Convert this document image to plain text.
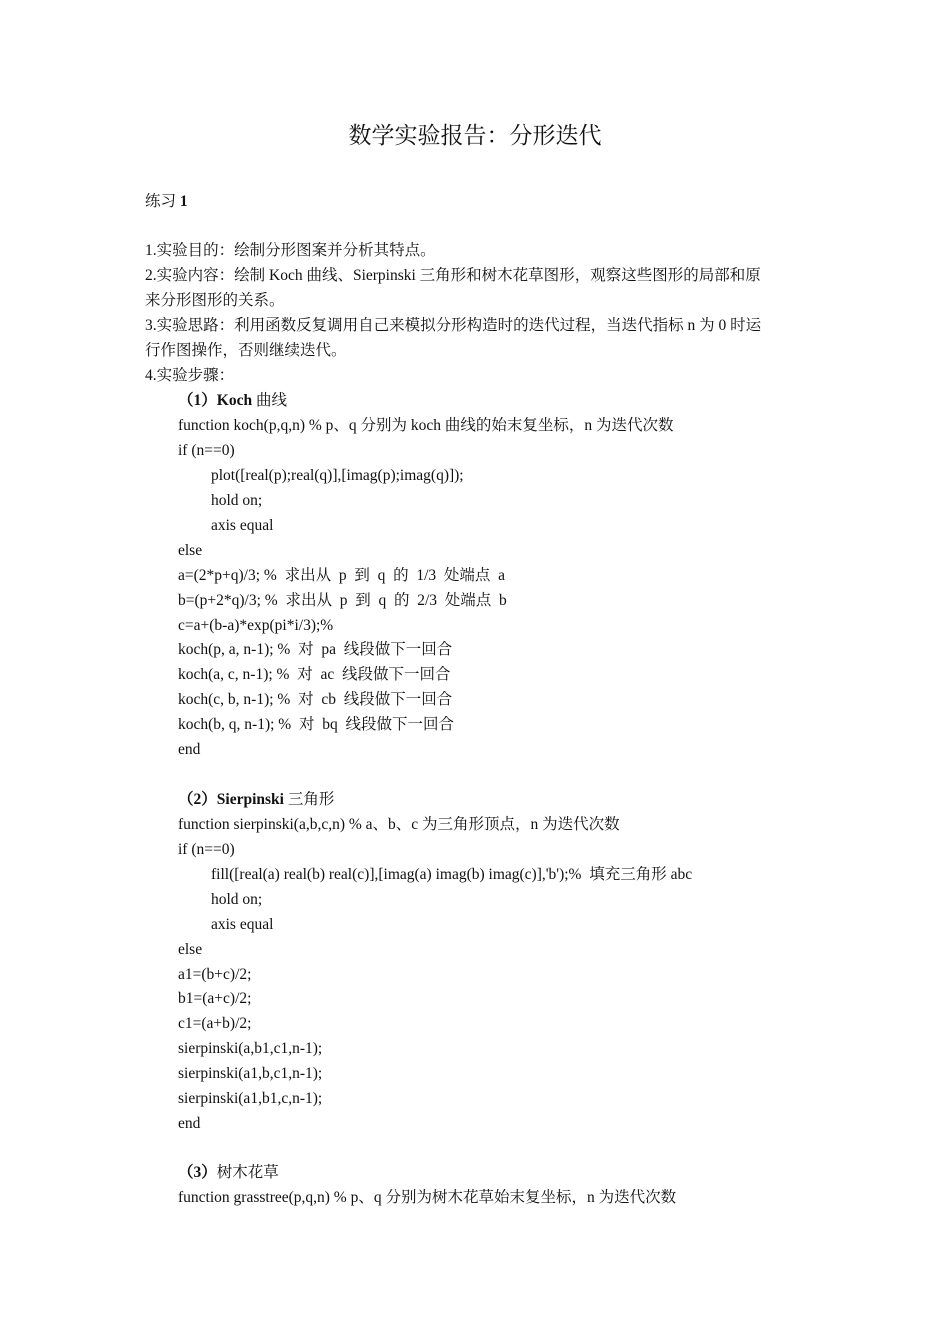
数学实验报告：分形迭代
练习 1
1.实验目的：绘制分形图案并分析其特点。
2.实验内容：绘制 Koch 曲线、Sierpinski 三角形和树木花草图形，观察这些图形的局部和原
来分形图形的关系。
3.实验思路：利用函数反复调用自己来模拟分形构造时的迭代过程，当迭代指标 n 为 0 时运
行作图操作，否则继续迭代。
4.实验步骤：
（1）Koch 曲线
function koch(p,q,n) % p、q 分别为 koch 曲线的始末复坐标，n 为迭代次数
if (n==0)
plot([real(p);real(q)],[imag(p);imag(q)]);
hold on;
axis equal
else
a=(2*p+q)/3; %  求出从  p  到  q  的  1/3  处端点  a
b=(p+2*q)/3; %  求出从  p  到  q  的  2/3  处端点  b
c=a+(b-a)*exp(pi*i/3);%
koch(p, a, n-1); %  对  pa  线段做下一回合
koch(a, c, n-1); %  对  ac  线段做下一回合
koch(c, b, n-1); %  对  cb  线段做下一回合
koch(b, q, n-1); %  对  bq  线段做下一回合
end
（2）Sierpinski 三角形
function sierpinski(a,b,c,n) % a、b、c 为三角形顶点，n 为迭代次数
if (n==0)
fill([real(a) real(b) real(c)],[imag(a) imag(b) imag(c)],'b');%  填充三角形 abc
hold on;
axis equal
else
a1=(b+c)/2;
b1=(a+c)/2;
c1=(a+b)/2;
sierpinski(a,b1,c1,n-1);
sierpinski(a1,b,c1,n-1);
sierpinski(a1,b1,c,n-1);
end
（3）树木花草
function grasstree(p,q,n) % p、q 分别为树木花草始末复坐标，n 为迭代次数
